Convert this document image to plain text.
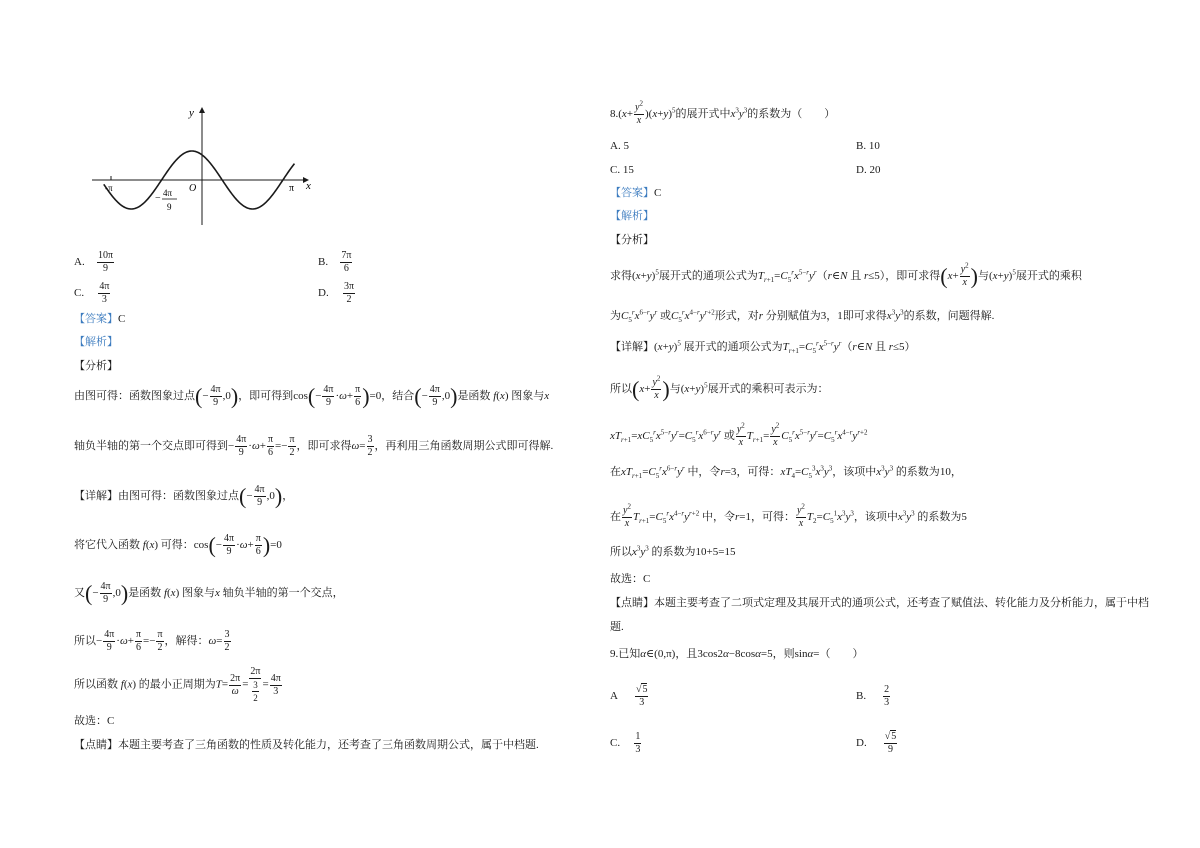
y
x
O
-π	π
− 4π
9
A. $\frac{10\pi}{9}$	B. $\frac{7\pi}{6}$
C. $\frac{4\pi}{3}$	D. $\frac{3\pi}{2}$
【答案】C
【解析】
【分析】
由图可得：函数图象过点(− $\frac{4\pi}{9} ,0$)，即可得到$\cos(- \frac{4\pi}{9} \cdot\omega+ \frac{\pi}{6} )=0$，结合(− $\frac{4\pi}{9} ,0$)是函数 f(x) 图象与x
轴负半轴的第一个交点即可得到− $\frac{4\pi}{9} \cdot\omega+ \frac{\pi}{6} =- \frac{\pi}{2}$ ，即可求得$\omega= \frac{3}{2}$ ，再利用三角函数周期公式即可得解.
【详解】由图可得：函数图象过点(− $\frac{4\pi}{9} ,0$)，
将它代入函数 f(x) 可得：$\cos(- \frac{4\pi}{9} \cdot\omega+ \frac{\pi}{6} )=0$
又(− $\frac{4\pi}{9} ,0$)是函数 f(x) 图象与x 轴负半轴的第一个交点，
所以− $\frac{4\pi}{9} \cdot\omega+ \frac{\pi}{6} =- \frac{\pi}{2}$ ，解得：$\omega= \frac{3}{2}$
所以函数 f(x) 的最小正周期为$T= \frac{2\pi}{\omega} = \frac{2\pi}{\frac{3}{2}} = \frac{4\pi}{3}$
故选：C
【点睛】本题主要考查了三角函数的性质及转化能力，还考查了三角函数周期公式，属于中档题.
$8.(x+ \frac{y^2}{x} )(x+y)^5$的展开式中$x^3y^3$的系数为（　　）
A. 5	B. 10
C. 15	D. 20
【答案】C
【解析】
【分析】
求得$(x+y)^5$展开式的通项公式为$T_{r+1}=C_5^rx^{5-r}y^r(r\in N$ 且 r≤5），即可求得($x+ \frac{y^2}{x}$ )与$(x+y)^5$展开式的乘积
为$C_5^rx^{6-r}y^r$ 或$C_5^rx^{4-r}y^{r+2}$形式，对r 分别赋值为3，1即可求得$x^3y^3$的系数，问题得解.
【详解】$(x+y)^5$ 展开式的通项公式为$T_{r+1}=C_5^rx^{5-r}y^r(r\in N$ 且 r≤5）
所以($x+ \frac{y^2}{x}$ )与$(x+y)^5$展开式的乘积可表示为：
$xT_{r+1}=xC_5^rx^{5-r}y^r=C_5^rx^{6-r}y^r$ 或 $\frac{y^2}{x} T_{r+1}= \frac{y^2}{x} C_5^rx^{5-r}y^r=C_5^rx^{4-r}y^{r+2}$
在$xT_{r+1}=C_5^rx^{6-r}y^r$ 中，令r=3，可得：$xT_4=C_5^3x^3y^3$，该项中$x^3y^3$ 的系数为10，
在 $\frac{y^2}{x} T_{r+1}=C_5^rx^{4-r}y^{r+2}$ 中，令r=1，可得： $\frac{y^2}{x} T_2=C_5^1x^3y^3$，该项中$x^3y^3$ 的系数为5
所以$x^3y^3$ 的系数为10+5=15
故选：C
【点睛】本题主要考查了二项式定理及其展开式的通项公式，还考查了赋值法、转化能力及分析能力，属于中档
题.
9.已知α∈(0,π)，且3cos2α−8cosα=5，则sinα=（　　）
A $\frac{√5}{3}$	B. $\frac{2}{3}$
C. $\frac{1}{3}$	D. $\frac{√5}{9}$
